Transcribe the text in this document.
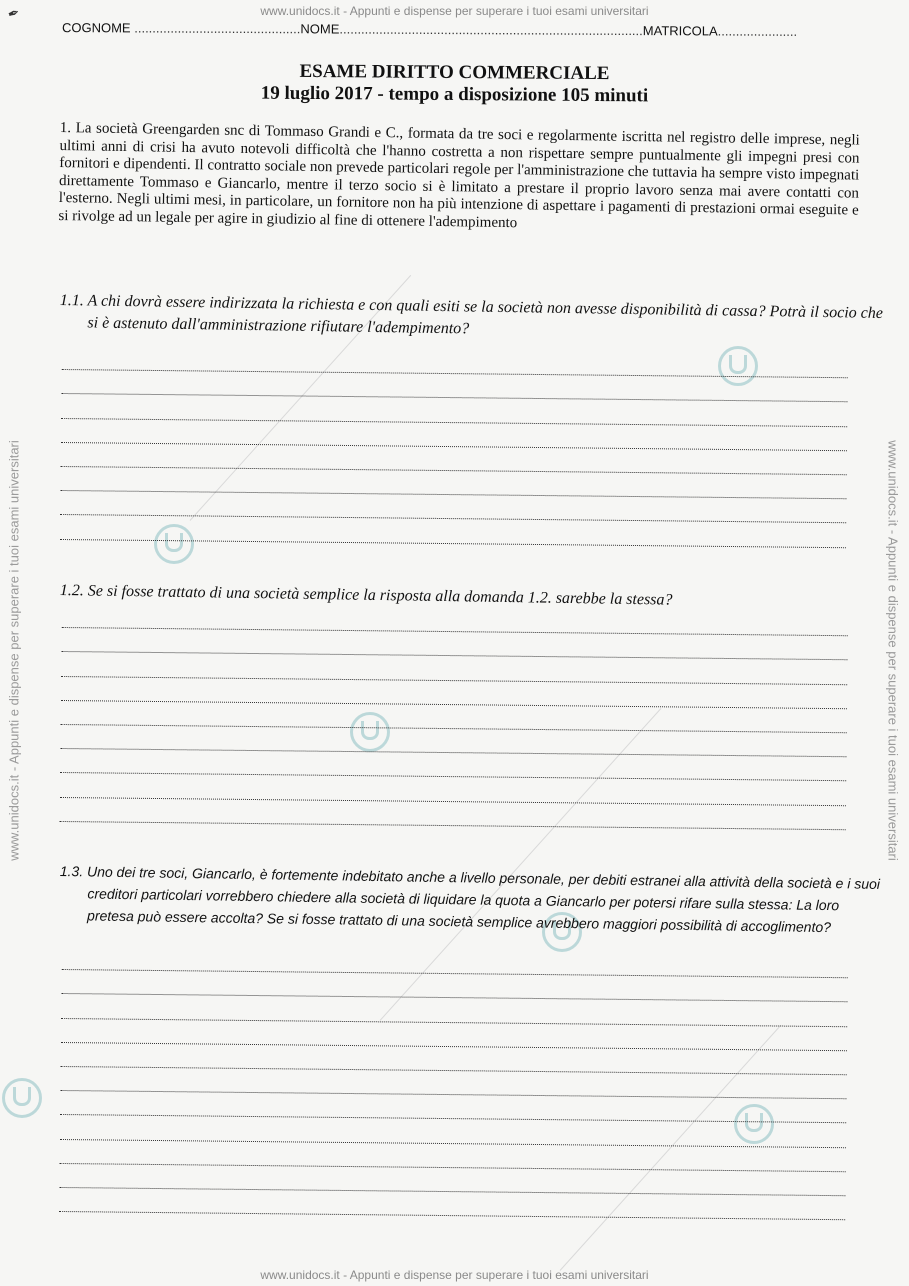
✒	www.unidocs.it - Appunti e dispense per superare i tuoi esami universitari
www.unidocs.it - Appunti e dispense per superare i tuoi esami universitari
www.unidocs.it - Appunti e dispense per superare i tuoi esami universitari	www.unidocs.it - Appunti e dispense per superare i tuoi esami universitari
COGNOME ..............................................NOME....................................................................................MATRICOLA......................
ESAME DIRITTO COMMERCIALE
19 luglio 2017 - tempo a disposizione 105 minuti
1. La società Greengarden snc di Tommaso Grandi e C., formata da tre soci e regolarmente iscritta nel registro delle imprese, negli ultimi anni di crisi ha avuto notevoli difficoltà che l'hanno costretta a non rispettare sempre puntualmente gli impegni presi con fornitori e dipendenti. Il contratto sociale non prevede particolari regole per l'amministrazione che tuttavia ha sempre visto impegnati direttamente Tommaso e Giancarlo, mentre il terzo socio si è limitato a prestare il proprio lavoro senza mai avere contatti con l'esterno. Negli ultimi mesi, in particolare, un fornitore non ha più intenzione di aspettare i pagamenti di prestazioni ormai eseguite e si rivolge ad un legale per agire in giudizio al fine di ottenere l'adempimento
1.1. A chi dovrà essere indirizzata la richiesta e con quali esiti se la società non avesse disponibilità di cassa? Potrà il socio che si è astenuto dall'amministrazione rifiutare l'adempimento?
1.2. Se si fosse trattato di una società semplice la risposta alla domanda 1.2. sarebbe la stessa?
1.3. Uno dei tre soci, Giancarlo, è fortemente indebitato anche a livello personale, per debiti estranei alla attività della società e i suoi creditori particolari vorrebbero chiedere alla società di liquidare la quota a Giancarlo per potersi rifare sulla stessa: La loro pretesa può essere accolta? Se si fosse trattato di una società semplice avrebbero maggiori possibilità di accoglimento?
